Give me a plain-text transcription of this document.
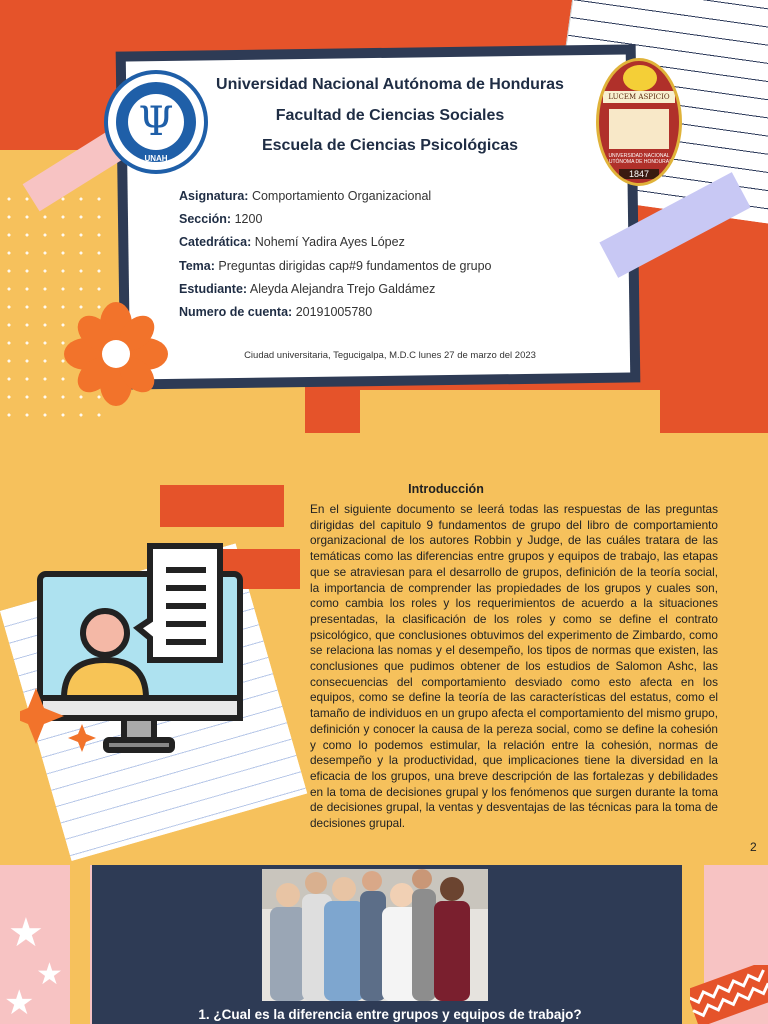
Ψ
UNAH
LUCEM ASPICIO
UNIVERSIDAD NACIONAL AUTÓNOMA DE HONDURAS
1847
Universidad Nacional Autónoma de Honduras
Facultad de Ciencias Sociales
Escuela de Ciencias Psicológicas
Asignatura: Comportamiento Organizacional
Sección: 1200
Catedrática: Nohemí Yadira Ayes López
Tema: Preguntas dirigidas cap#9 fundamentos de grupo
Estudiante: Aleyda Alejandra Trejo Galdámez
Numero de cuenta: 20191005780
Ciudad universitaria, Tegucigalpa, M.D.C lunes 27 de marzo del 2023
Introducción
En el siguiente documento se leerá todas las respuestas de las preguntas dirigidas del capitulo 9 fundamentos de grupo del libro de comportamiento organizacional de los autores Robbin y Judge, de las cuáles tratara de las temáticas como las diferencias entre grupos y equipos de trabajo, las etapas que se atraviesan para el desarrollo de grupos, definición de la teoría social, la importancia de comprender las propiedades de los grupos y cuales son, como cambia los roles y los requerimientos de acuerdo a la situaciones presentadas, la clasificación de los roles y como se define el contrato psicológico, que conclusiones obtuvimos del experimento de Zimbardo, como se relaciona las nomas y el desempeño, los tipos de normas que existen, las conclusiones que pudimos obtener de los estudios de Salomon Ashc, las consecuencias del comportamiento desviado como esto afecta en los equipos, como se define la teoría de las características del estatus, como el tamaño de individuos en un grupo afecta el comportamiento del mismo grupo, definición y conocer la causa de la pereza social, como se define la cohesión y como lo podemos estimular, la relación entre la cohesión, normas de desempeño y la productividad, que implicaciones tiene la diversidad en la eficacia de los grupos, una breve descripción de las fortalezas y debilidades en la toma de decisiones grupal y los fenómenos que surgen durante la toma de decisiones grupal, la ventas y desventajas de las técnicas para la toma de decisiones grupal.
2
★
★
★	1. ¿Cual es la diferencia entre grupos y equipos de trabajo?
